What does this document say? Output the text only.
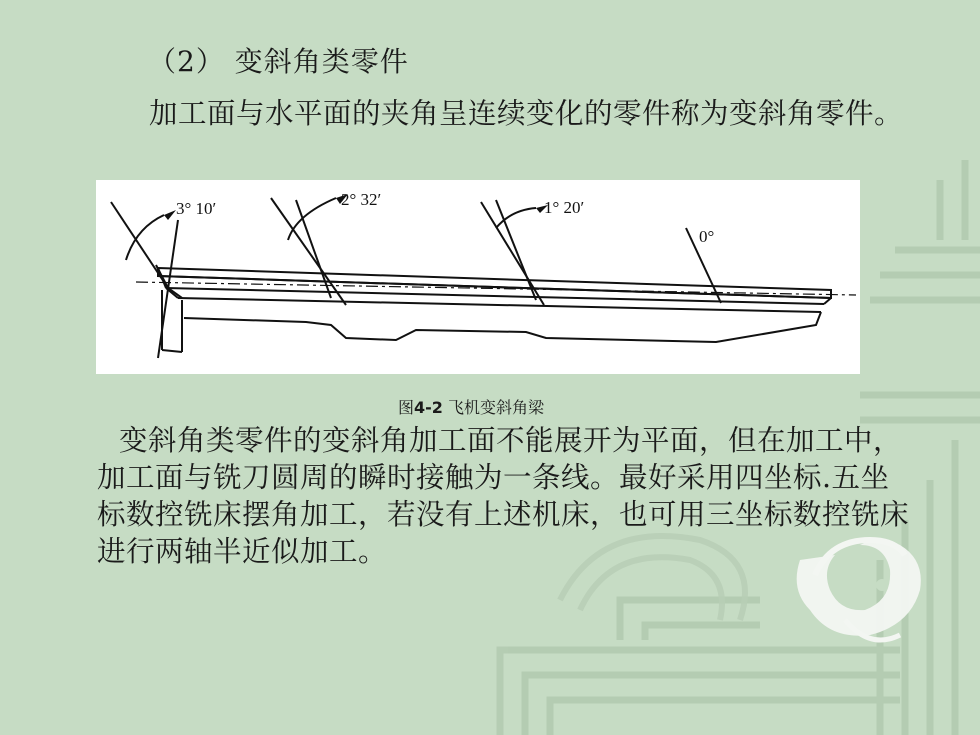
（2） 变斜角类零件
加工面与水平面的夹角呈连续变化的零件称为变斜角零件。
3° 10′	2° 32′	1° 20′
0°
图4-2 飞机变斜角梁
变斜角类零件的变斜角加工面不能展开为平面，但在加工中，加工面与铣刀圆周的瞬时接触为一条线。最好采用四坐标.五坐标数控铣床摆角加工，若没有上述机床，也可用三坐标数控铣床进行两轴半近似加工。
